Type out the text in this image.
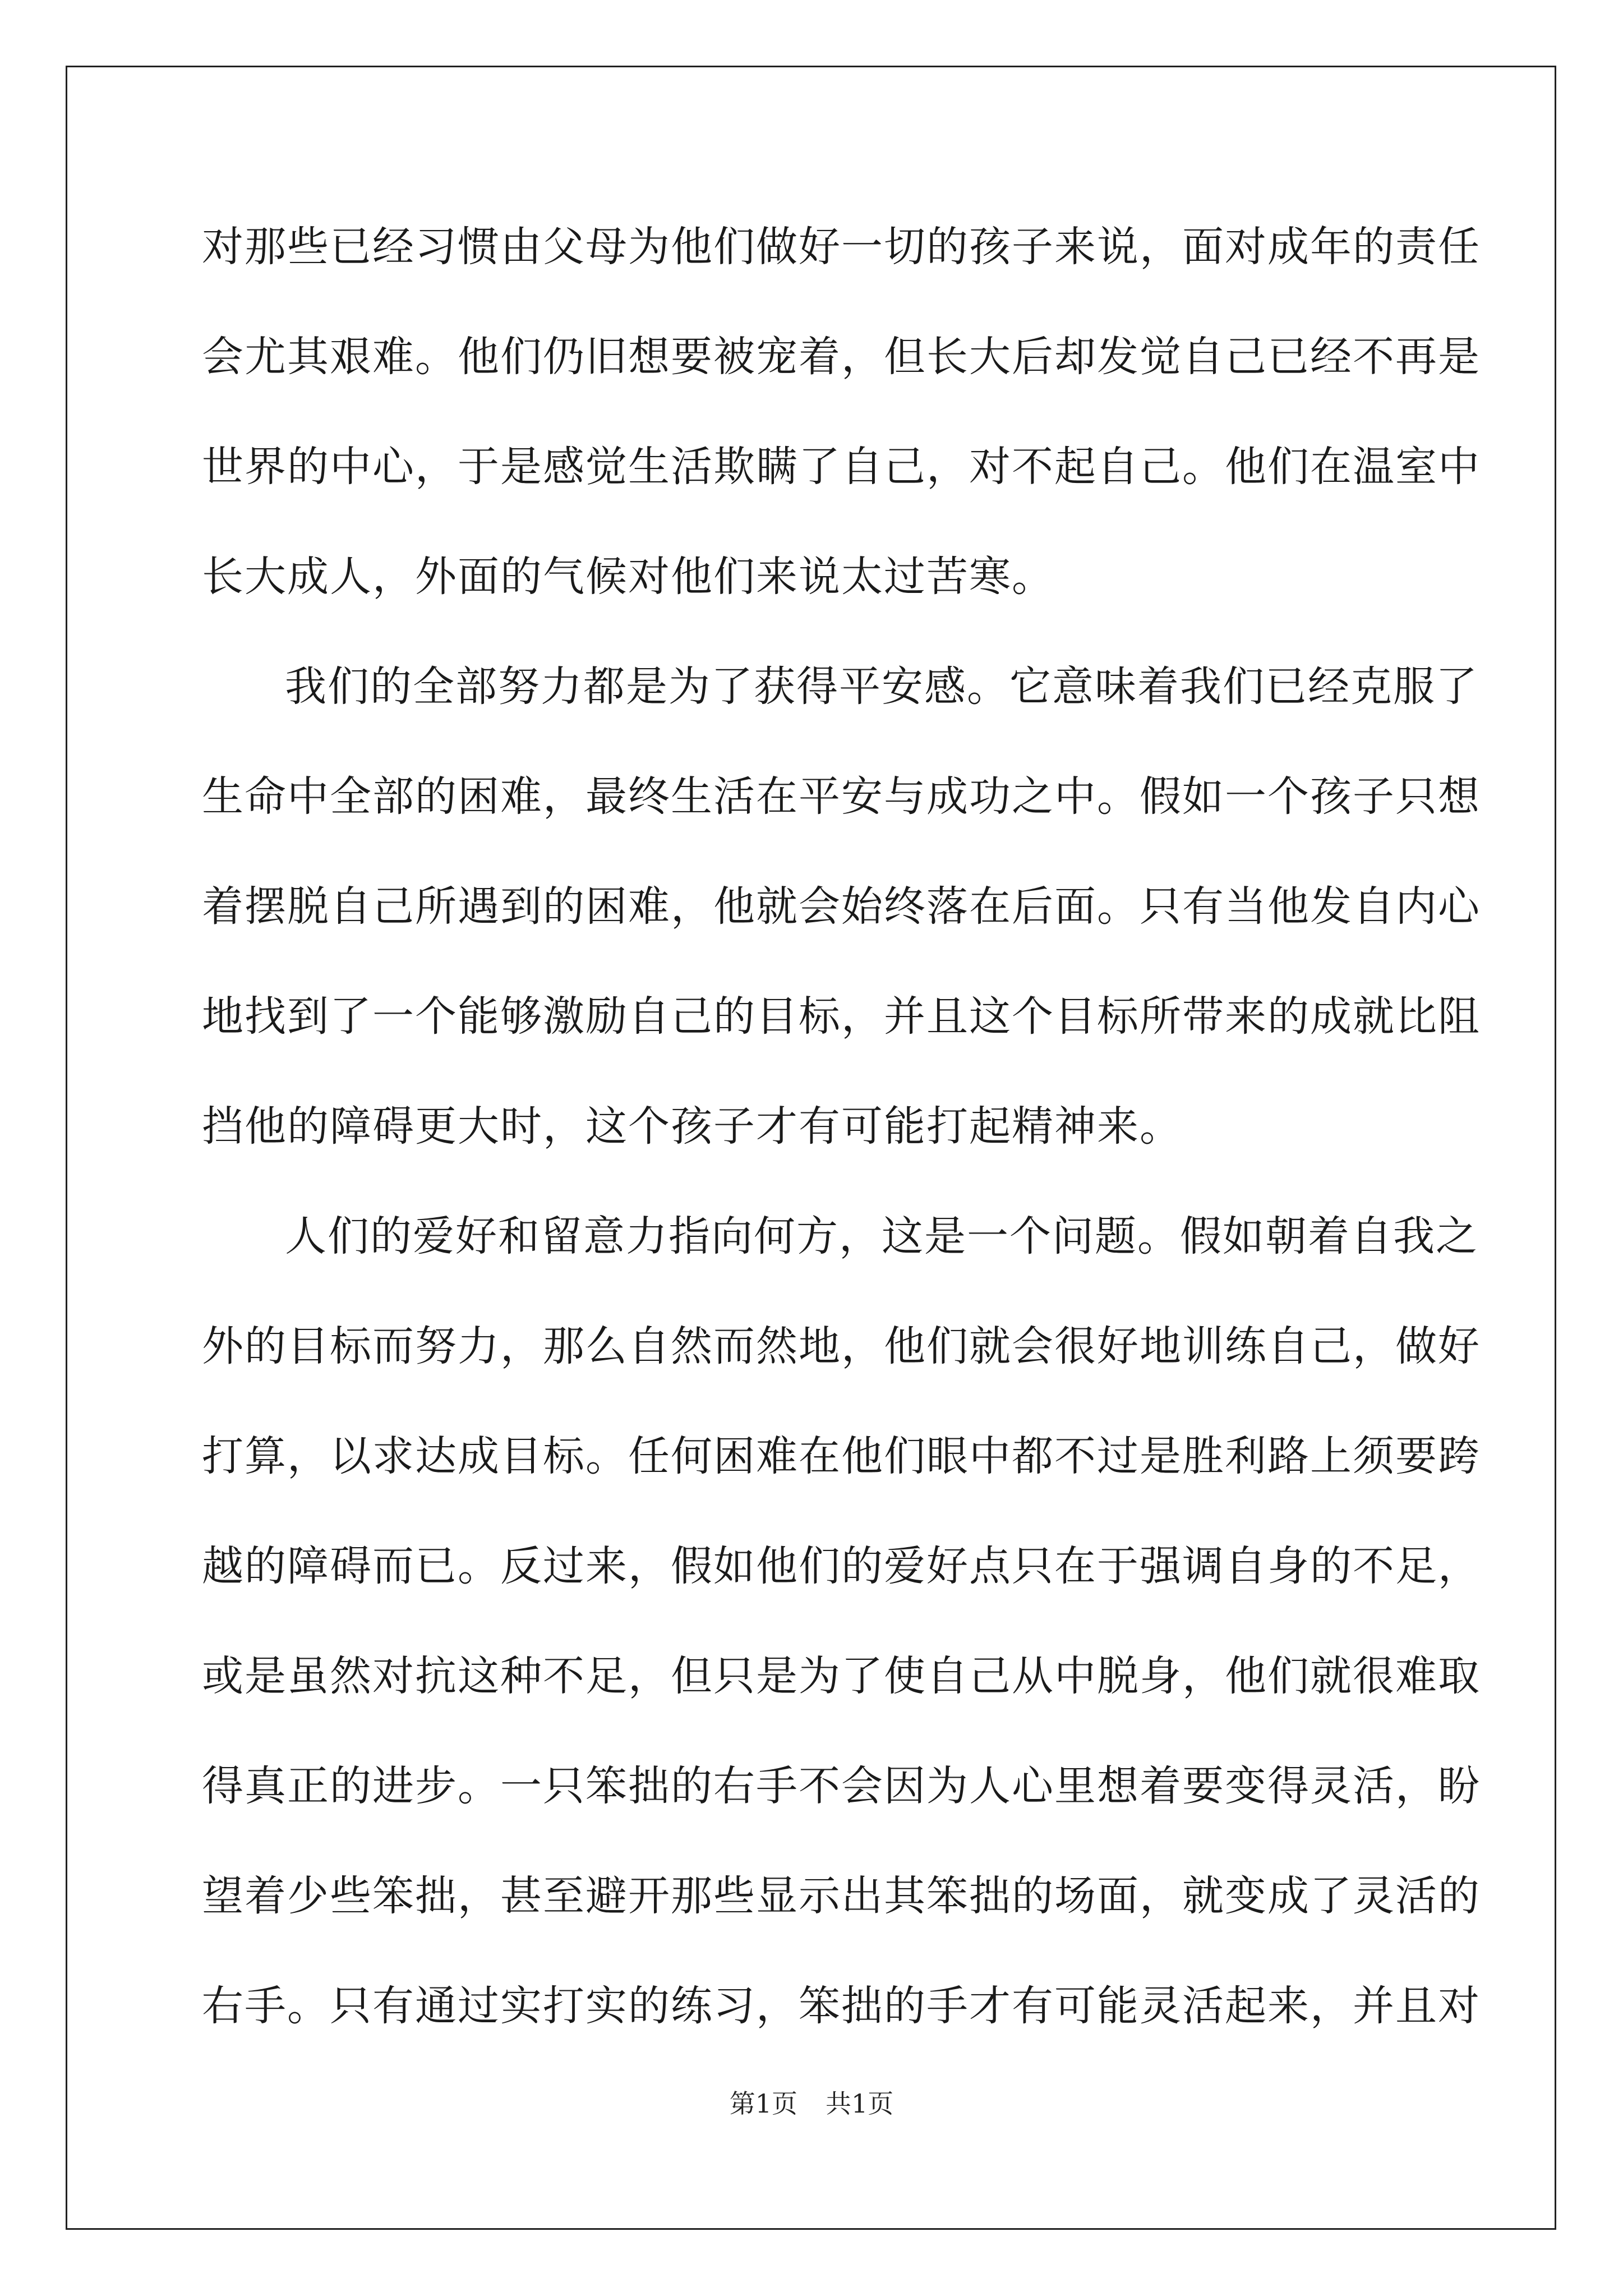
对那些已经习惯由父母为他们做好一切的孩子来说，面对成年的责任
会尤其艰难。他们仍旧想要被宠着，但长大后却发觉自己已经不再是
世界的中心，于是感觉生活欺瞒了自己，对不起自己。他们在温室中
长大成人，外面的气候对他们来说太过苦寒。
我们的全部努力都是为了获得平安感。它意味着我们已经克服了
生命中全部的困难，最终生活在平安与成功之中。假如一个孩子只想
着摆脱自己所遇到的困难，他就会始终落在后面。只有当他发自内心
地找到了一个能够激励自己的目标，并且这个目标所带来的成就比阻
挡他的障碍更大时，这个孩子才有可能打起精神来。
人们的爱好和留意力指向何方，这是一个问题。假如朝着自我之
外的目标而努力，那么自然而然地，他们就会很好地训练自己，做好
打算，以求达成目标。任何困难在他们眼中都不过是胜利路上须要跨
越的障碍而已。反过来，假如他们的爱好点只在于强调自身的不足，
或是虽然对抗这种不足，但只是为了使自己从中脱身，他们就很难取
得真正的进步。一只笨拙的右手不会因为人心里想着要变得灵活，盼
望着少些笨拙，甚至避开那些显示出其笨拙的场面，就变成了灵活的
右手。只有通过实打实的练习，笨拙的手才有可能灵活起来，并且对
第1页 共1页
